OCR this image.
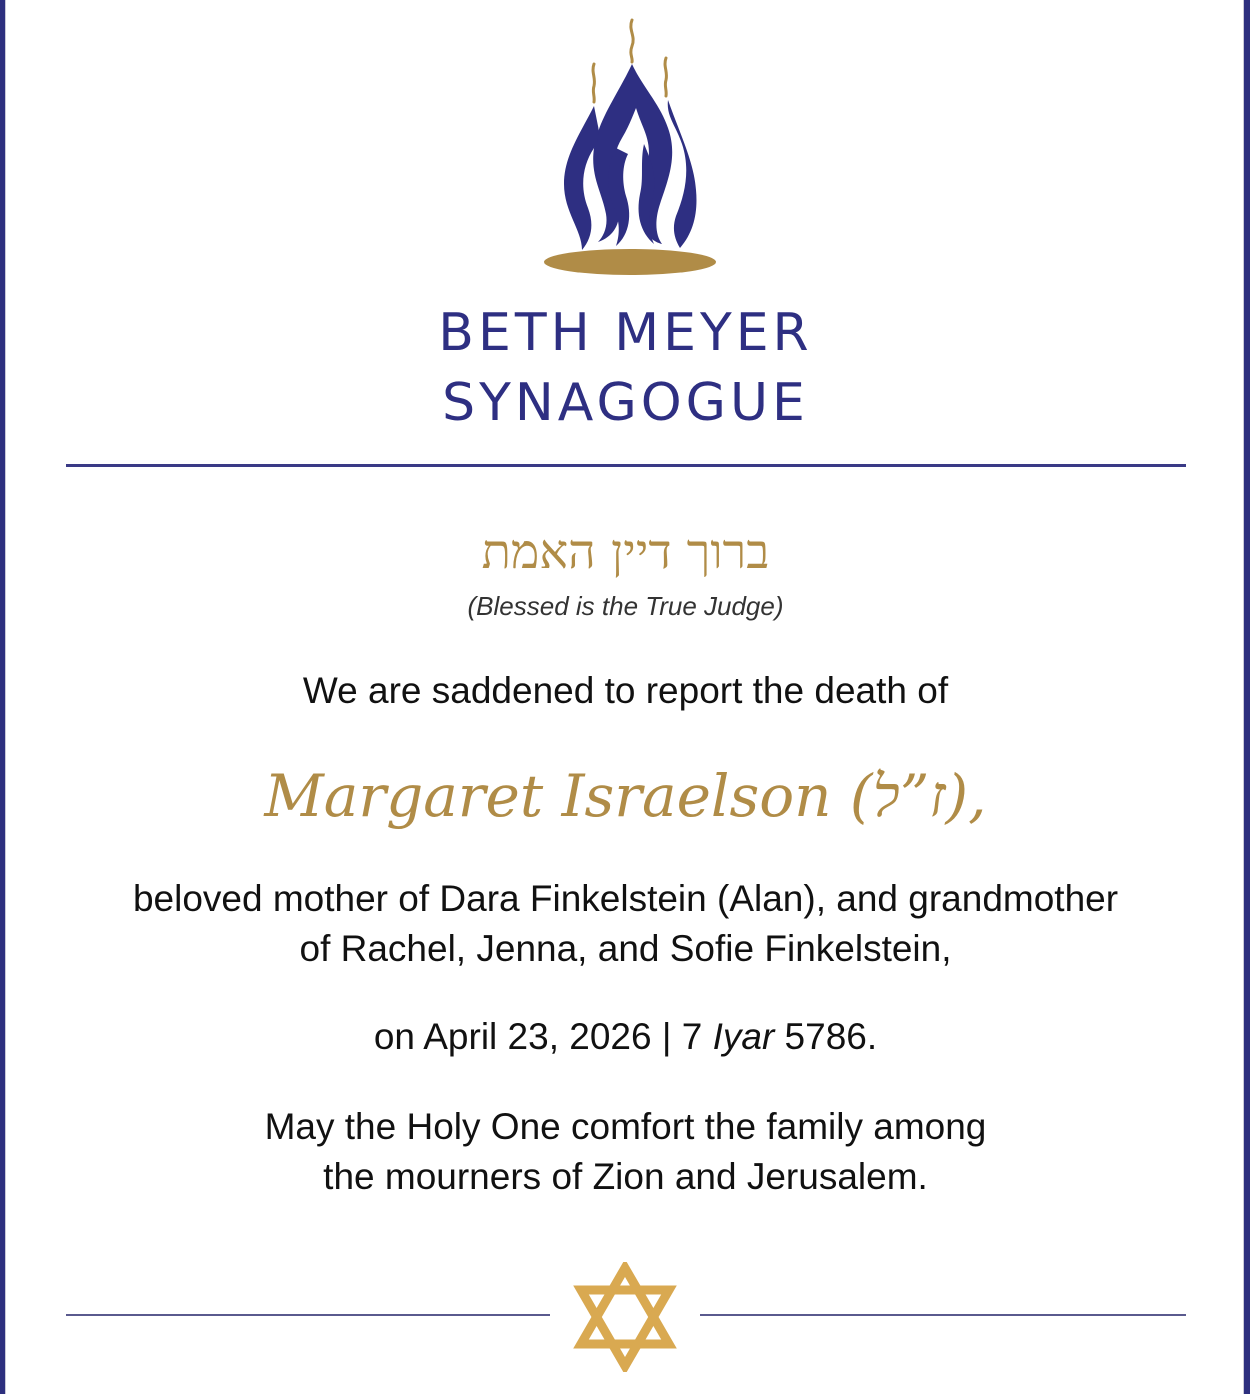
BETH MEYER

SYNAGOGUE

ברוך דיין האמת
(Blessed is the True Judge)

We are saddened to report the death of

Margaret Israelson (ז”ל),

beloved mother of Dara Finkelstein (Alan), and grandmother

of Rachel, Jenna, and Sofie Finkelstein,

on April 23, 2026 | 7 Iyar 5786.

May the Holy One comfort the family among

the mourners of Zion and Jerusalem.
